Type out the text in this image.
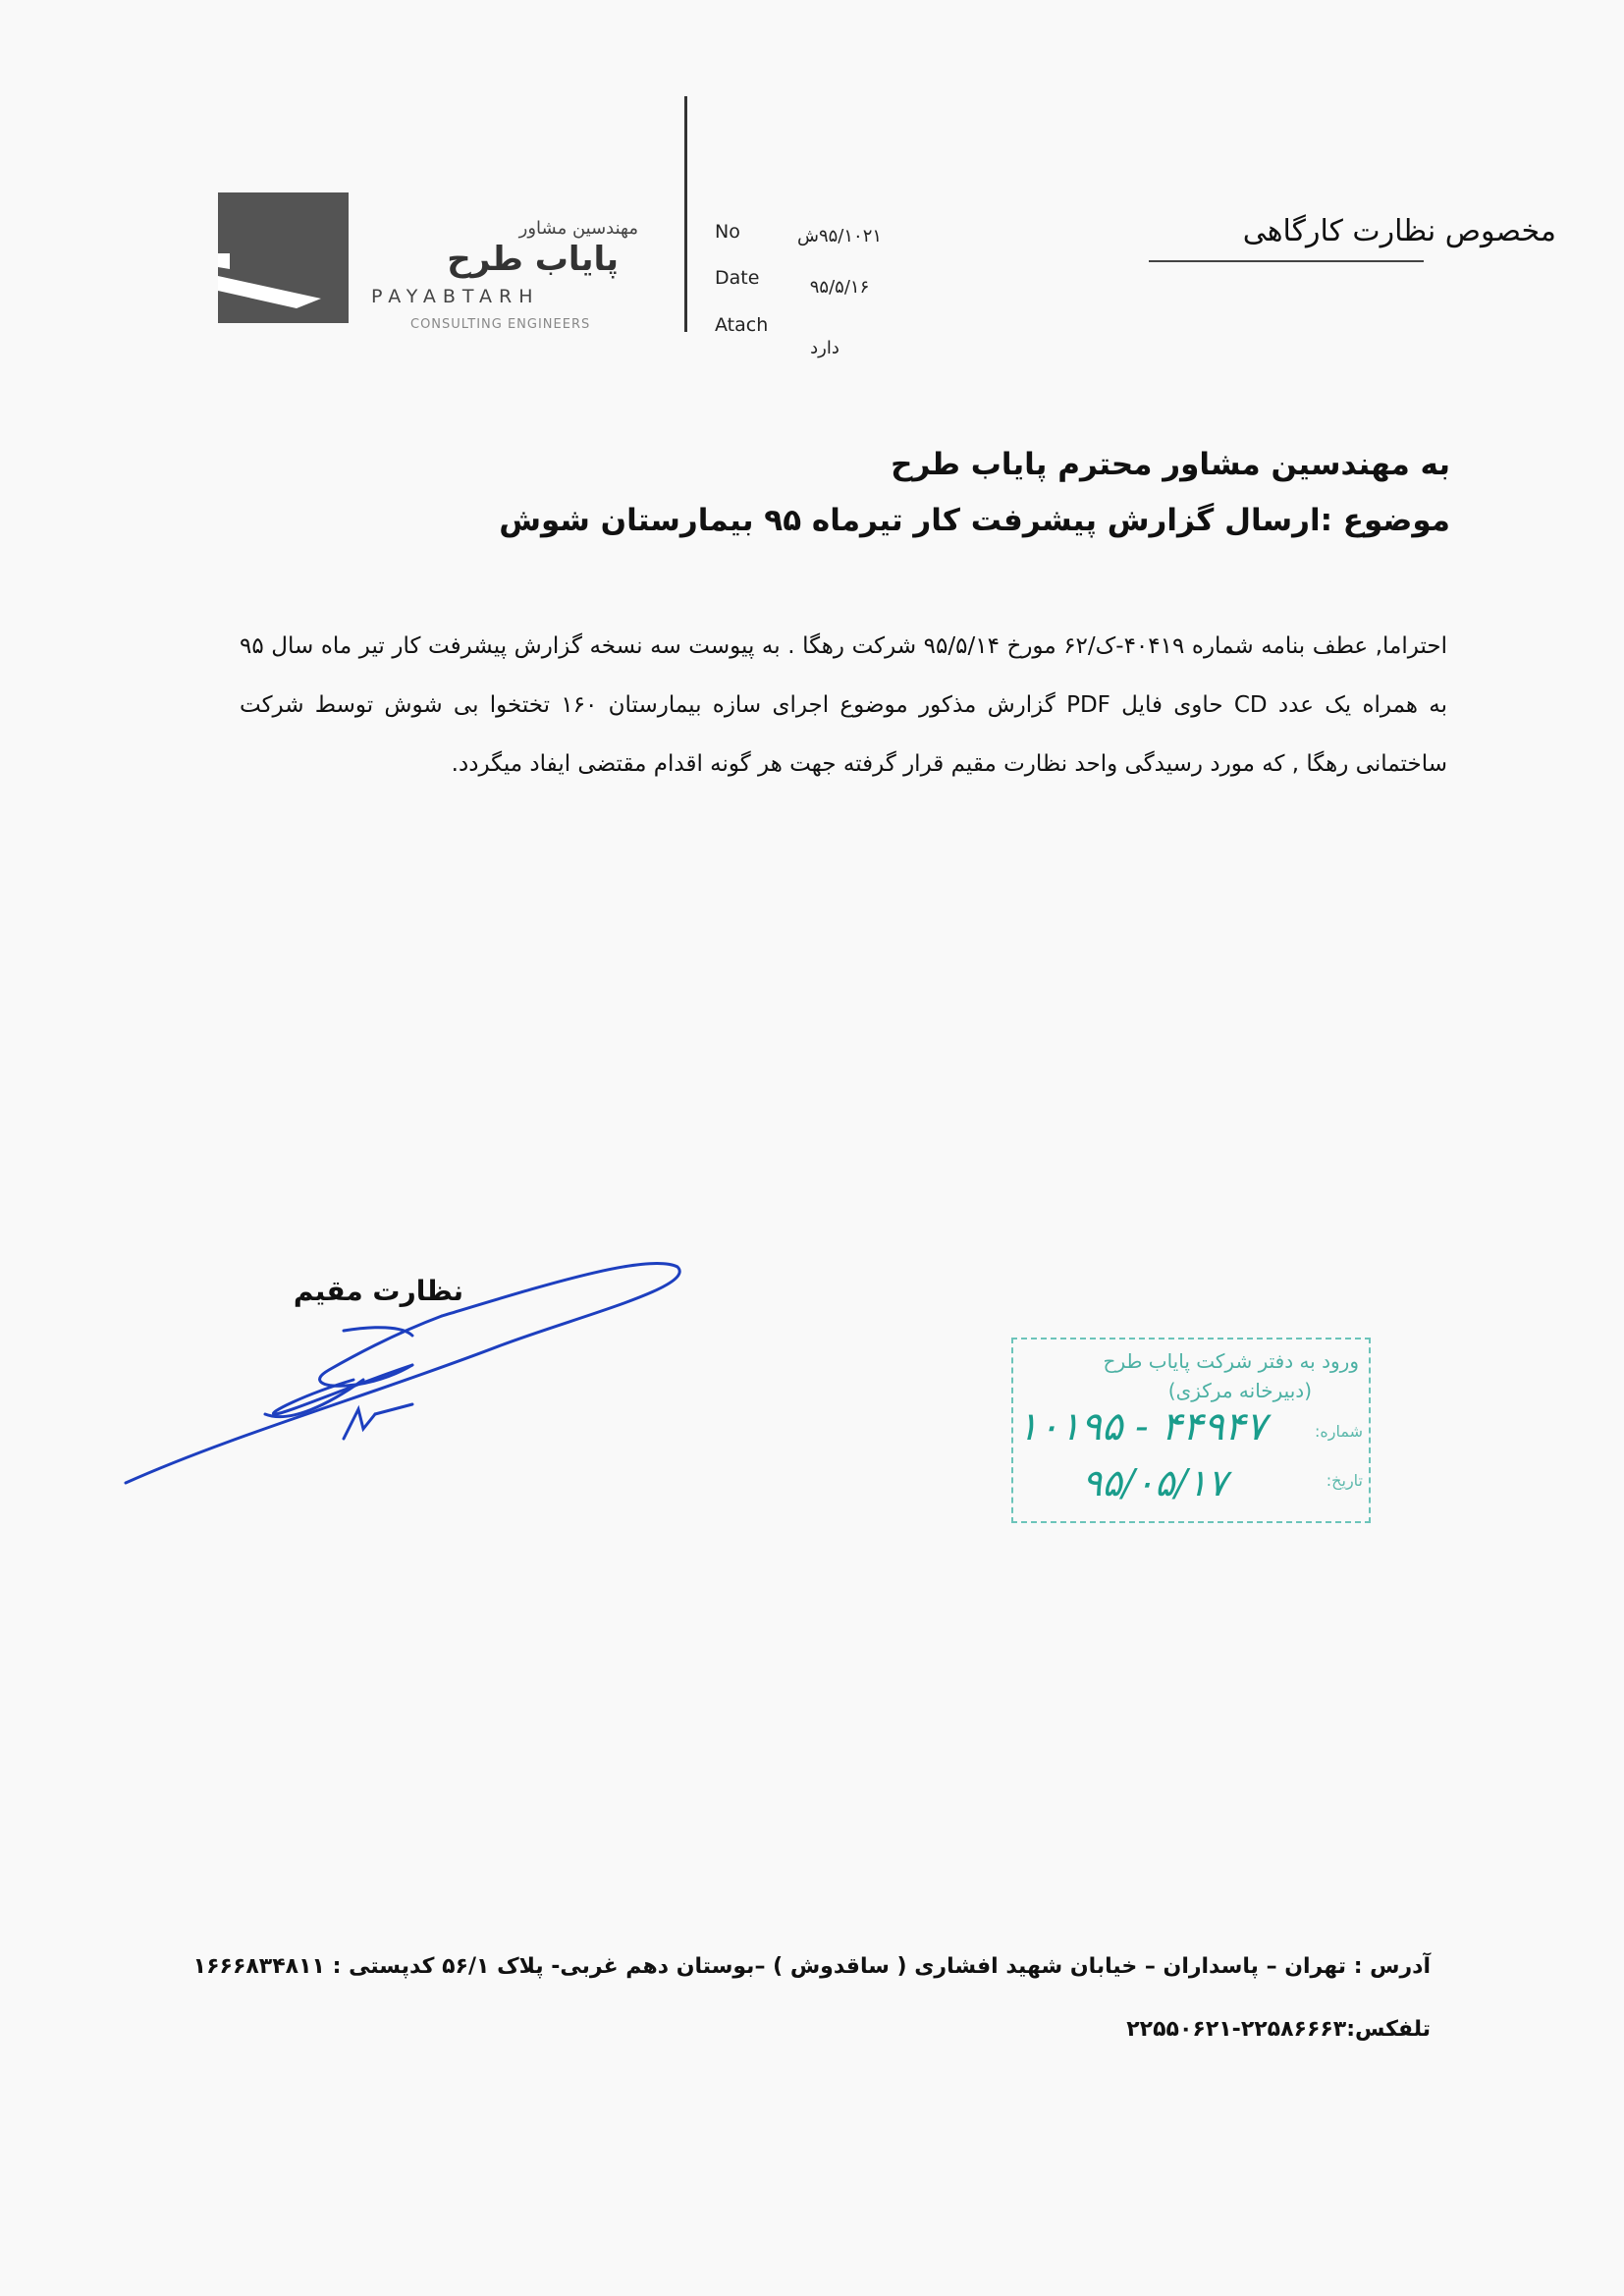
مهندسین مشاور
پایاب طرح
PAYABTARH
CONSULTING ENGINEERS
No	۹۵/۱۰۲۱ش
Date	۹۵/۵/۱۶
Atach
دارد
مخصوص نظارت کارگاهی
به مهندسین مشاور محترم پایاب طرح
موضوع :ارسال گزارش پیشرفت کار تیرماه ۹۵ بیمارستان شوش
احتراما, عطف بنامه شماره ۴۰۴۱۹-ک/۶۲ مورخ ۹۵/۵/۱۴ شرکت رهگا . به پیوست سه نسخه گزارش پیشرفت کار تیر ماه سال ۹۵ به همراه یک عدد CD حاوی فایل PDF گزارش مذکور موضوع اجرای سازه بیمارستان ۱۶۰ تختخوا بی شوش توسط شرکت ساختمانی رهگا , که مورد رسیدگی واحد نظارت مقیم قرار گرفته جهت هر گونه اقدام مقتضی ایفاد میگردد.
نظارت مقیم
ورود به دفتر شرکت پایاب طرح
(دبیرخانه مرکزی)
شماره:
تاریخ:
۱۰۱۹۵ - ۴۴۹۴۷
۹۵/۰۵/۱۷
آدرس : تهران – پاسداران – خیابان شهید افشاری ( ساقدوش ) –بوستان دهم غربی- پلاک ۵۶/۱ کدپستی : ۱۶۶۶۸۳۴۸۱۱
تلفکس:۲۲۵۸۶۶۶۳-۲۲۵۵۰۶۲۱
